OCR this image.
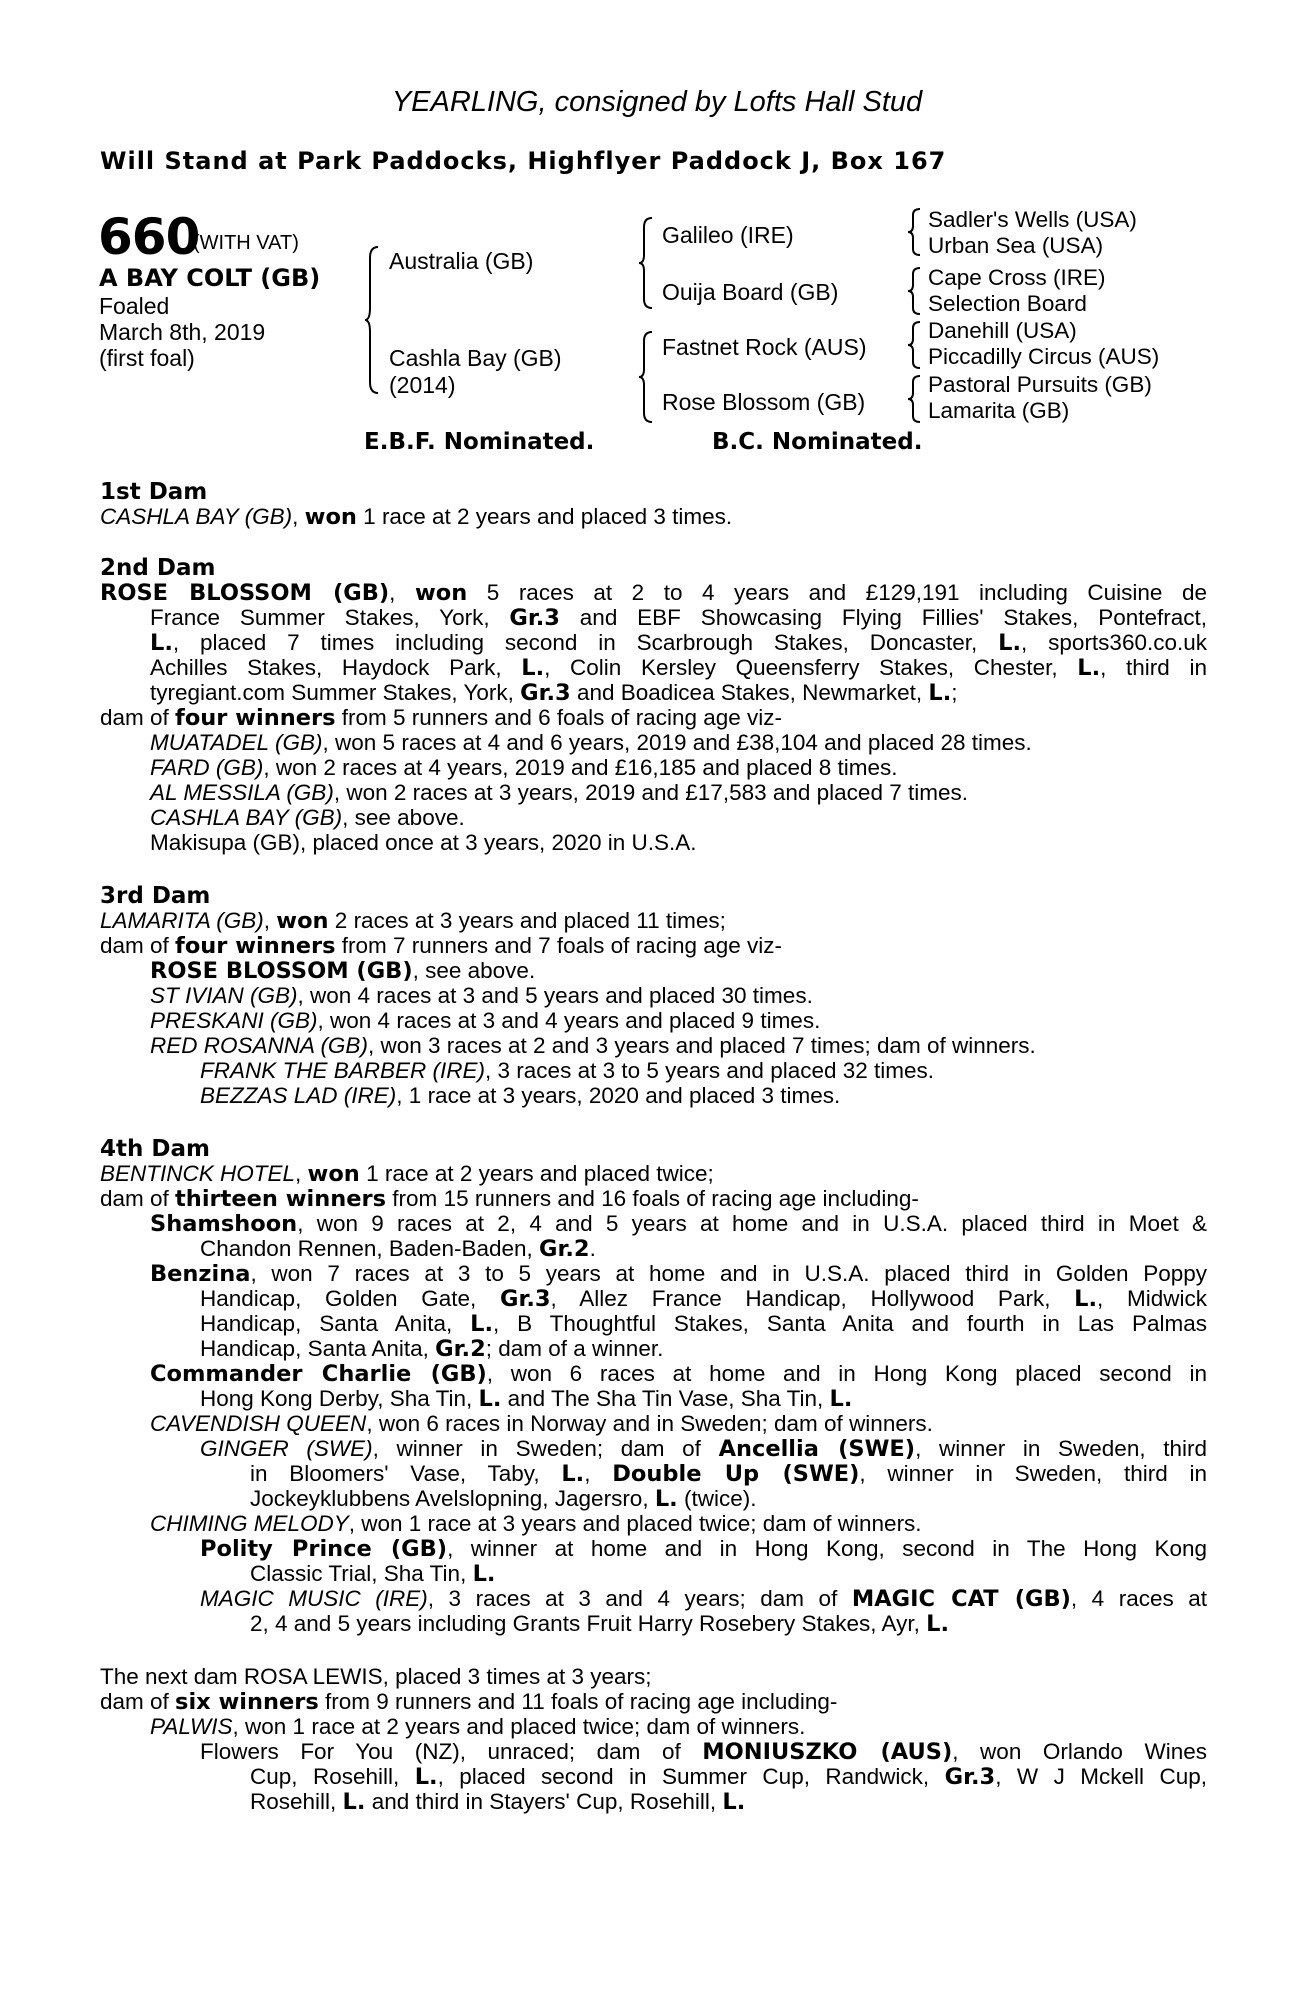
YEARLING, consigned by Lofts Hall Stud
Will Stand at Park Paddocks, Highflyer Paddock J, Box 167
660
(WITH VAT)
A BAY COLT (GB)
Foaled
March 8th, 2019
(first foal)
Australia (GB)
Cashla Bay (GB)
(2014)
Galileo (IRE)
Ouija Board (GB)
Fastnet Rock (AUS)
Rose Blossom (GB)
Sadler's Wells (USA)
Urban Sea (USA)
Cape Cross (IRE)
Selection Board
Danehill (USA)
Piccadilly Circus (AUS)
Pastoral Pursuits (GB)
Lamarita (GB)
E.B.F. Nominated.	B.C. Nominated.
1st Dam
CASHLA BAY (GB), won 1 race at 2 years and placed 3 times.
2nd Dam
ROSE BLOSSOM (GB), won 5 races at 2 to 4 years and £129,191 including Cuisine de
France Summer Stakes, York, Gr.3 and EBF Showcasing Flying Fillies' Stakes, Pontefract,
L., placed 7 times including second in Scarbrough Stakes, Doncaster, L., sports360.co.uk
Achilles Stakes, Haydock Park, L., Colin Kersley Queensferry Stakes, Chester, L., third in
tyregiant.com Summer Stakes, York, Gr.3 and Boadicea Stakes, Newmarket, L.;
dam of four winners from 5 runners and 6 foals of racing age viz-
MUATADEL (GB), won 5 races at 4 and 6 years, 2019 and £38,104 and placed 28 times.
FARD (GB), won 2 races at 4 years, 2019 and £16,185 and placed 8 times.
AL MESSILA (GB), won 2 races at 3 years, 2019 and £17,583 and placed 7 times.
CASHLA BAY (GB), see above.
Makisupa (GB), placed once at 3 years, 2020 in U.S.A.
3rd Dam
LAMARITA (GB), won 2 races at 3 years and placed 11 times;
dam of four winners from 7 runners and 7 foals of racing age viz-
ROSE BLOSSOM (GB), see above.
ST IVIAN (GB), won 4 races at 3 and 5 years and placed 30 times.
PRESKANI (GB), won 4 races at 3 and 4 years and placed 9 times.
RED ROSANNA (GB), won 3 races at 2 and 3 years and placed 7 times; dam of winners.
FRANK THE BARBER (IRE), 3 races at 3 to 5 years and placed 32 times.
BEZZAS LAD (IRE), 1 race at 3 years, 2020 and placed 3 times.
4th Dam
BENTINCK HOTEL, won 1 race at 2 years and placed twice;
dam of thirteen winners from 15 runners and 16 foals of racing age including-
Shamshoon, won 9 races at 2, 4 and 5 years at home and in U.S.A. placed third in Moet &
Chandon Rennen, Baden-Baden, Gr.2.
Benzina, won 7 races at 3 to 5 years at home and in U.S.A. placed third in Golden Poppy
Handicap, Golden Gate, Gr.3, Allez France Handicap, Hollywood Park, L., Midwick
Handicap, Santa Anita, L., B Thoughtful Stakes, Santa Anita and fourth in Las Palmas
Handicap, Santa Anita, Gr.2; dam of a winner.
Commander Charlie (GB), won 6 races at home and in Hong Kong placed second in
Hong Kong Derby, Sha Tin, L. and The Sha Tin Vase, Sha Tin, L.
CAVENDISH QUEEN, won 6 races in Norway and in Sweden; dam of winners.
GINGER (SWE), winner in Sweden; dam of Ancellia (SWE), winner in Sweden, third
in Bloomers' Vase, Taby, L., Double Up (SWE), winner in Sweden, third in
Jockeyklubbens Avelslopning, Jagersro, L. (twice).
CHIMING MELODY, won 1 race at 3 years and placed twice; dam of winners.
Polity Prince (GB), winner at home and in Hong Kong, second in The Hong Kong
Classic Trial, Sha Tin, L.
MAGIC MUSIC (IRE), 3 races at 3 and 4 years; dam of MAGIC CAT (GB), 4 races at
2, 4 and 5 years including Grants Fruit Harry Rosebery Stakes, Ayr, L.
The next dam ROSA LEWIS, placed 3 times at 3 years;
dam of six winners from 9 runners and 11 foals of racing age including-
PALWIS, won 1 race at 2 years and placed twice; dam of winners.
Flowers For You (NZ), unraced; dam of MONIUSZKO (AUS), won Orlando Wines
Cup, Rosehill, L., placed second in Summer Cup, Randwick, Gr.3, W J Mckell Cup,
Rosehill, L. and third in Stayers' Cup, Rosehill, L.
